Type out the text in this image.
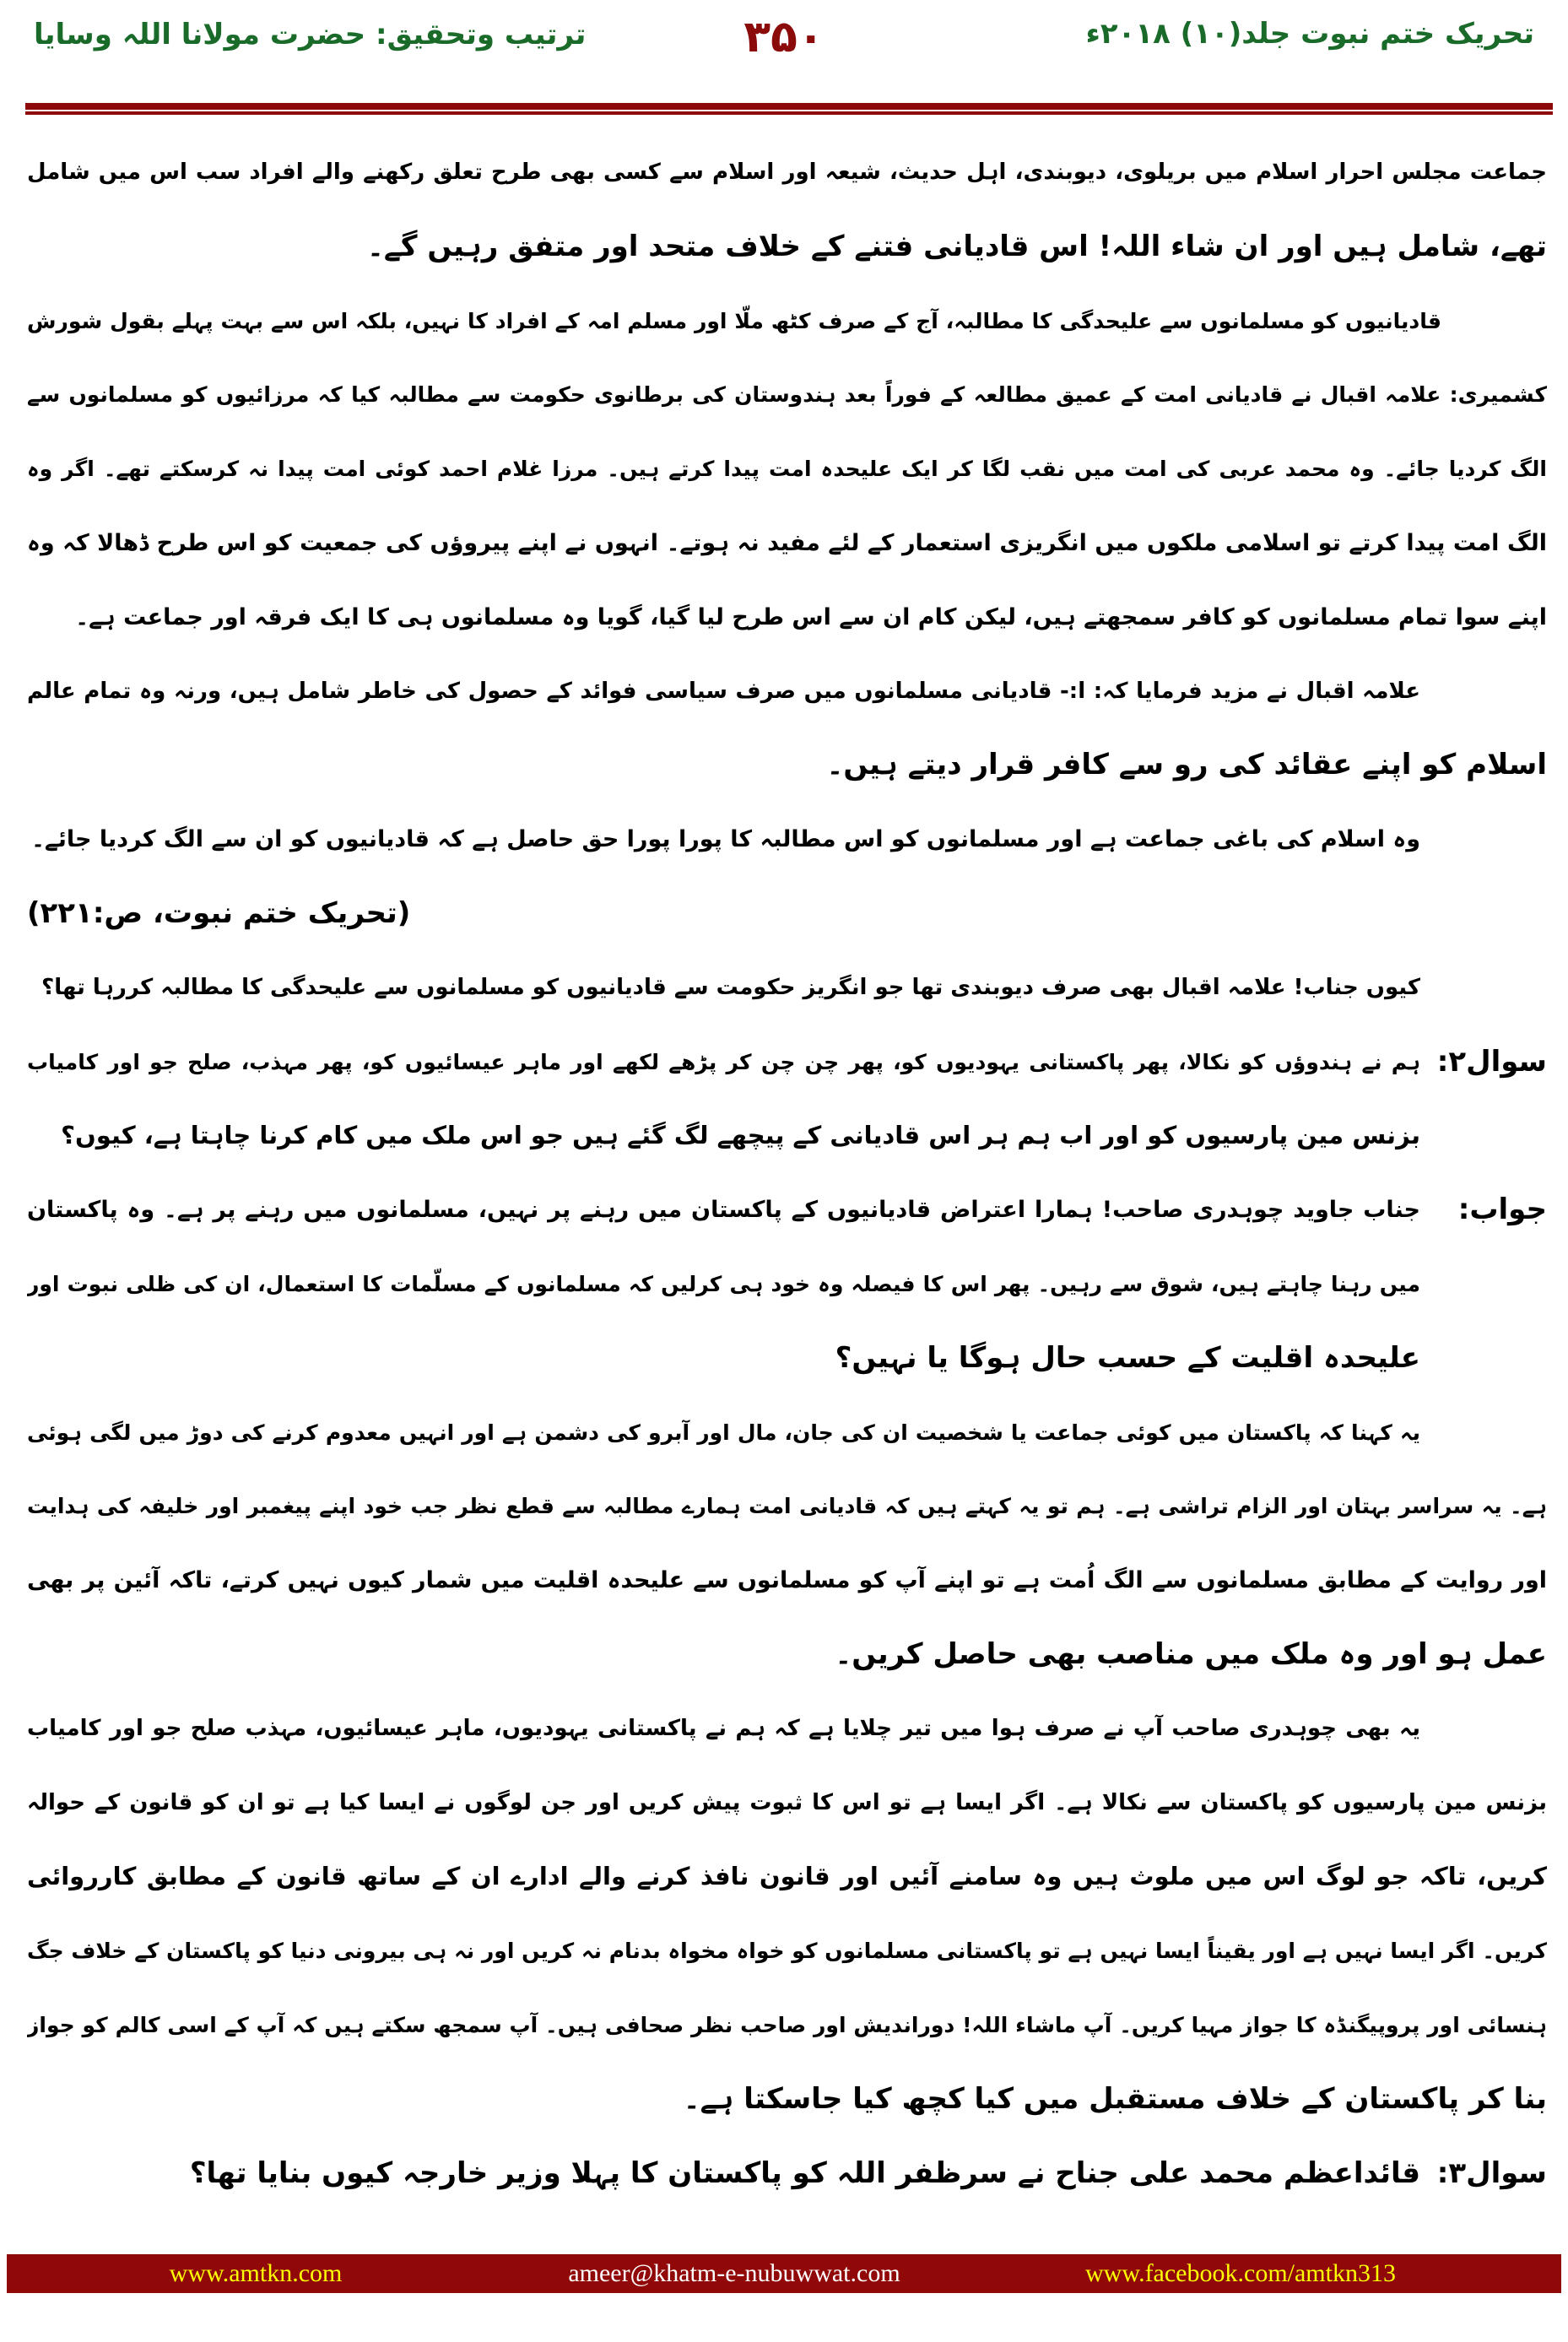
ترتیب وتحقیق: حضرت مولانا اللہ وسایا	۳۵۰	تحریک ختم نبوت جلد(۱۰) ۲۰۱۸ء
جماعت مجلس احرار اسلام میں بریلوی، دیوبندی، اہل حدیث، شیعہ اور اسلام سے کسی بھی طرح تعلق رکھنے والے افراد سب اس میں شامل
تھے، شامل ہیں اور ان شاء اللہ! اس قادیانی فتنے کے خلاف متحد اور متفق رہیں گے۔
قادیانیوں کو مسلمانوں سے علیحدگی کا مطالبہ، آج کے صرف کٹھ ملّا اور مسلم امہ کے افراد کا نہیں، بلکہ اس سے بہت پہلے بقول شورش
کشمیری: علامہ اقبال نے قادیانی امت کے عمیق مطالعہ کے فوراً بعد ہندوستان کی برطانوی حکومت سے مطالبہ کیا کہ مرزائیوں کو مسلمانوں سے
الگ کردیا جائے۔ وہ محمد عربی کی امت میں نقب لگا کر ایک علیحدہ امت پیدا کرتے ہیں۔ مرزا غلام احمد کوئی امت پیدا نہ کرسکتے تھے۔ اگر وہ
الگ امت پیدا کرتے تو اسلامی ملکوں میں انگریزی استعمار کے لئے مفید نہ ہوتے۔ انہوں نے اپنے پیروؤں کی جمعیت کو اس طرح ڈھالا کہ وہ
اپنے سوا تمام مسلمانوں کو کافر سمجھتے ہیں، لیکن کام ان سے اس طرح لیا گیا، گویا وہ مسلمانوں ہی کا ایک فرقہ اور جماعت ہے۔
علامہ اقبال نے مزید فرمایا کہ: ا:- قادیانی مسلمانوں میں صرف سیاسی فوائد کے حصول کی خاطر شامل ہیں، ورنہ وہ تمام عالم
اسلام کو اپنے عقائد کی رو سے کافر قرار دیتے ہیں۔
وہ اسلام کی باغی جماعت ہے اور مسلمانوں کو اس مطالبہ کا پورا پورا حق حاصل ہے کہ قادیانیوں کو ان سے الگ کردیا جائے۔
(تحریک ختم نبوت، ص:۲۲۱)
کیوں جناب! علامہ اقبال بھی صرف دیوبندی تھا جو انگریز حکومت سے قادیانیوں کو مسلمانوں سے علیحدگی کا مطالبہ کررہا تھا؟
سوال۲:
ہم نے ہندوؤں کو نکالا، پھر پاکستانی یہودیوں کو، پھر چن چن کر پڑھے لکھے اور ماہر عیسائیوں کو، پھر مہذب، صلح جو اور کامیاب
بزنس مین پارسیوں کو اور اب ہم ہر اس قادیانی کے پیچھے لگ گئے ہیں جو اس ملک میں کام کرنا چاہتا ہے، کیوں؟
جواب:
جناب جاوید چوہدری صاحب! ہمارا اعتراض قادیانیوں کے پاکستان میں رہنے پر نہیں، مسلمانوں میں رہنے پر ہے۔ وہ پاکستان
میں رہنا چاہتے ہیں، شوق سے رہیں۔ پھر اس کا فیصلہ وہ خود ہی کرلیں کہ مسلمانوں کے مسلّمات کا استعمال، ان کی ظلی نبوت اور
علیحدہ اقلیت کے حسب حال ہوگا یا نہیں؟
یہ کہنا کہ پاکستان میں کوئی جماعت یا شخصیت ان کی جان، مال اور آبرو کی دشمن ہے اور انہیں معدوم کرنے کی دوڑ میں لگی ہوئی
ہے۔ یہ سراسر بہتان اور الزام تراشی ہے۔ ہم تو یہ کہتے ہیں کہ قادیانی امت ہمارے مطالبہ سے قطع نظر جب خود اپنے پیغمبر اور خلیفہ کی ہدایت
اور روایت کے مطابق مسلمانوں سے الگ اُمت ہے تو اپنے آپ کو مسلمانوں سے علیحدہ اقلیت میں شمار کیوں نہیں کرتے، تاکہ آئین پر بھی
عمل ہو اور وہ ملک میں مناصب بھی حاصل کریں۔
یہ بھی چوہدری صاحب آپ نے صرف ہوا میں تیر چلایا ہے کہ ہم نے پاکستانی یہودیوں، ماہر عیسائیوں، مہذب صلح جو اور کامیاب
بزنس مین پارسیوں کو پاکستان سے نکالا ہے۔ اگر ایسا ہے تو اس کا ثبوت پیش کریں اور جن لوگوں نے ایسا کیا ہے تو ان کو قانون کے حوالہ
کریں، تاکہ جو لوگ اس میں ملوث ہیں وہ سامنے آئیں اور قانون نافذ کرنے والے ادارے ان کے ساتھ قانون کے مطابق کارروائی
کریں۔ اگر ایسا نہیں ہے اور یقیناً ایسا نہیں ہے تو پاکستانی مسلمانوں کو خواہ مخواہ بدنام نہ کریں اور نہ ہی بیرونی دنیا کو پاکستان کے خلاف جگ
ہنسائی اور پروپیگنڈہ کا جواز مہیا کریں۔ آپ ماشاء اللہ! دوراندیش اور صاحب نظر صحافی ہیں۔ آپ سمجھ سکتے ہیں کہ آپ کے اسی کالم کو جواز
بنا کر پاکستان کے خلاف مستقبل میں کیا کچھ کیا جاسکتا ہے۔
سوال۳:
قائداعظم محمد علی جناح نے سرظفر اللہ کو پاکستان کا پہلا وزیر خارجہ کیوں بنایا تھا؟
www.amtkn.com	ameer@khatm-e-nubuwwat.com	www.facebook.com/amtkn313
